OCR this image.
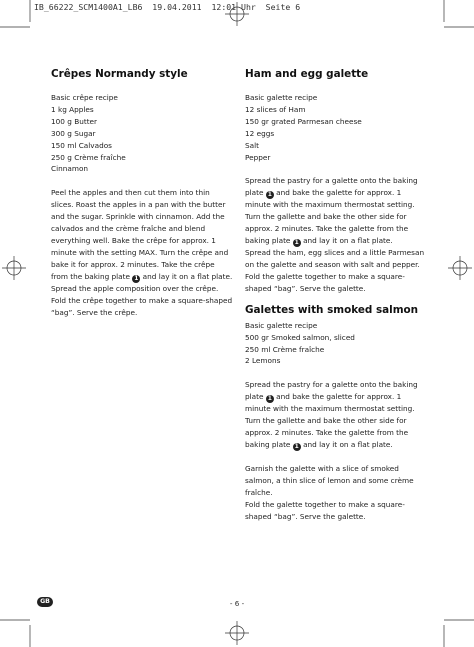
IB_66222_SCM1400A1_LB6  19.04.2011  12:01 Uhr  Seite 6
Crêpes Normandy style
Basic crêpe recipe
1 kg Apples
100 g Butter
300 g Sugar
150 ml Calvados
250 g Crème fraîche
Cinnamon

Peel the apples and then cut them into thin slices. Roast the apples in a pan with the butter and the sugar. Sprinkle with cinnamon. Add the calvados and the crème fraîche and blend everything well. Bake the crêpe for approx. 1 minute with the setting MAX. Turn the crêpe and bake it for approx. 2 minutes. Take the crêpe from the baking plate 1 and lay it on a flat plate. Spread the apple composition over the crêpe.

Fold the crêpe together to make a square-shaped “bag”. Serve the crêpe.

Ham and egg galette
Basic galette recipe
12 slices of Ham
150 gr grated Parmesan cheese
12 eggs
Salt
Pepper

Spread the pastry for a galette onto the baking plate 1 and bake the galette for approx. 1 minute with the maximum thermostat setting. Turn the gallette and bake the other side for approx. 2 minutes. Take the galette from the baking plate 1 and lay it on a flat plate.

Spread the ham, egg slices and a little Parmesan on the galette and season with salt and pepper.

Fold the galette together to make a square-shaped “bag”. Serve the galette.

Galettes with smoked salmon
Basic galette recipe
500 gr Smoked salmon, sliced
250 ml Crème fraîche
2 Lemons

Spread the pastry for a galette onto the baking plate 1 and bake the galette for approx. 1 minute with the maximum thermostat setting. Turn the gallette and bake the other side for approx. 2 minutes. Take the galette from the baking plate 1 and lay it on a flat plate.

Garnish the galette with a slice of smoked salmon, a thin slice of lemon and some crème fraîche.

Fold the galette together to make a square-shaped “bag”. Serve the galette.

GB	- 6 -
